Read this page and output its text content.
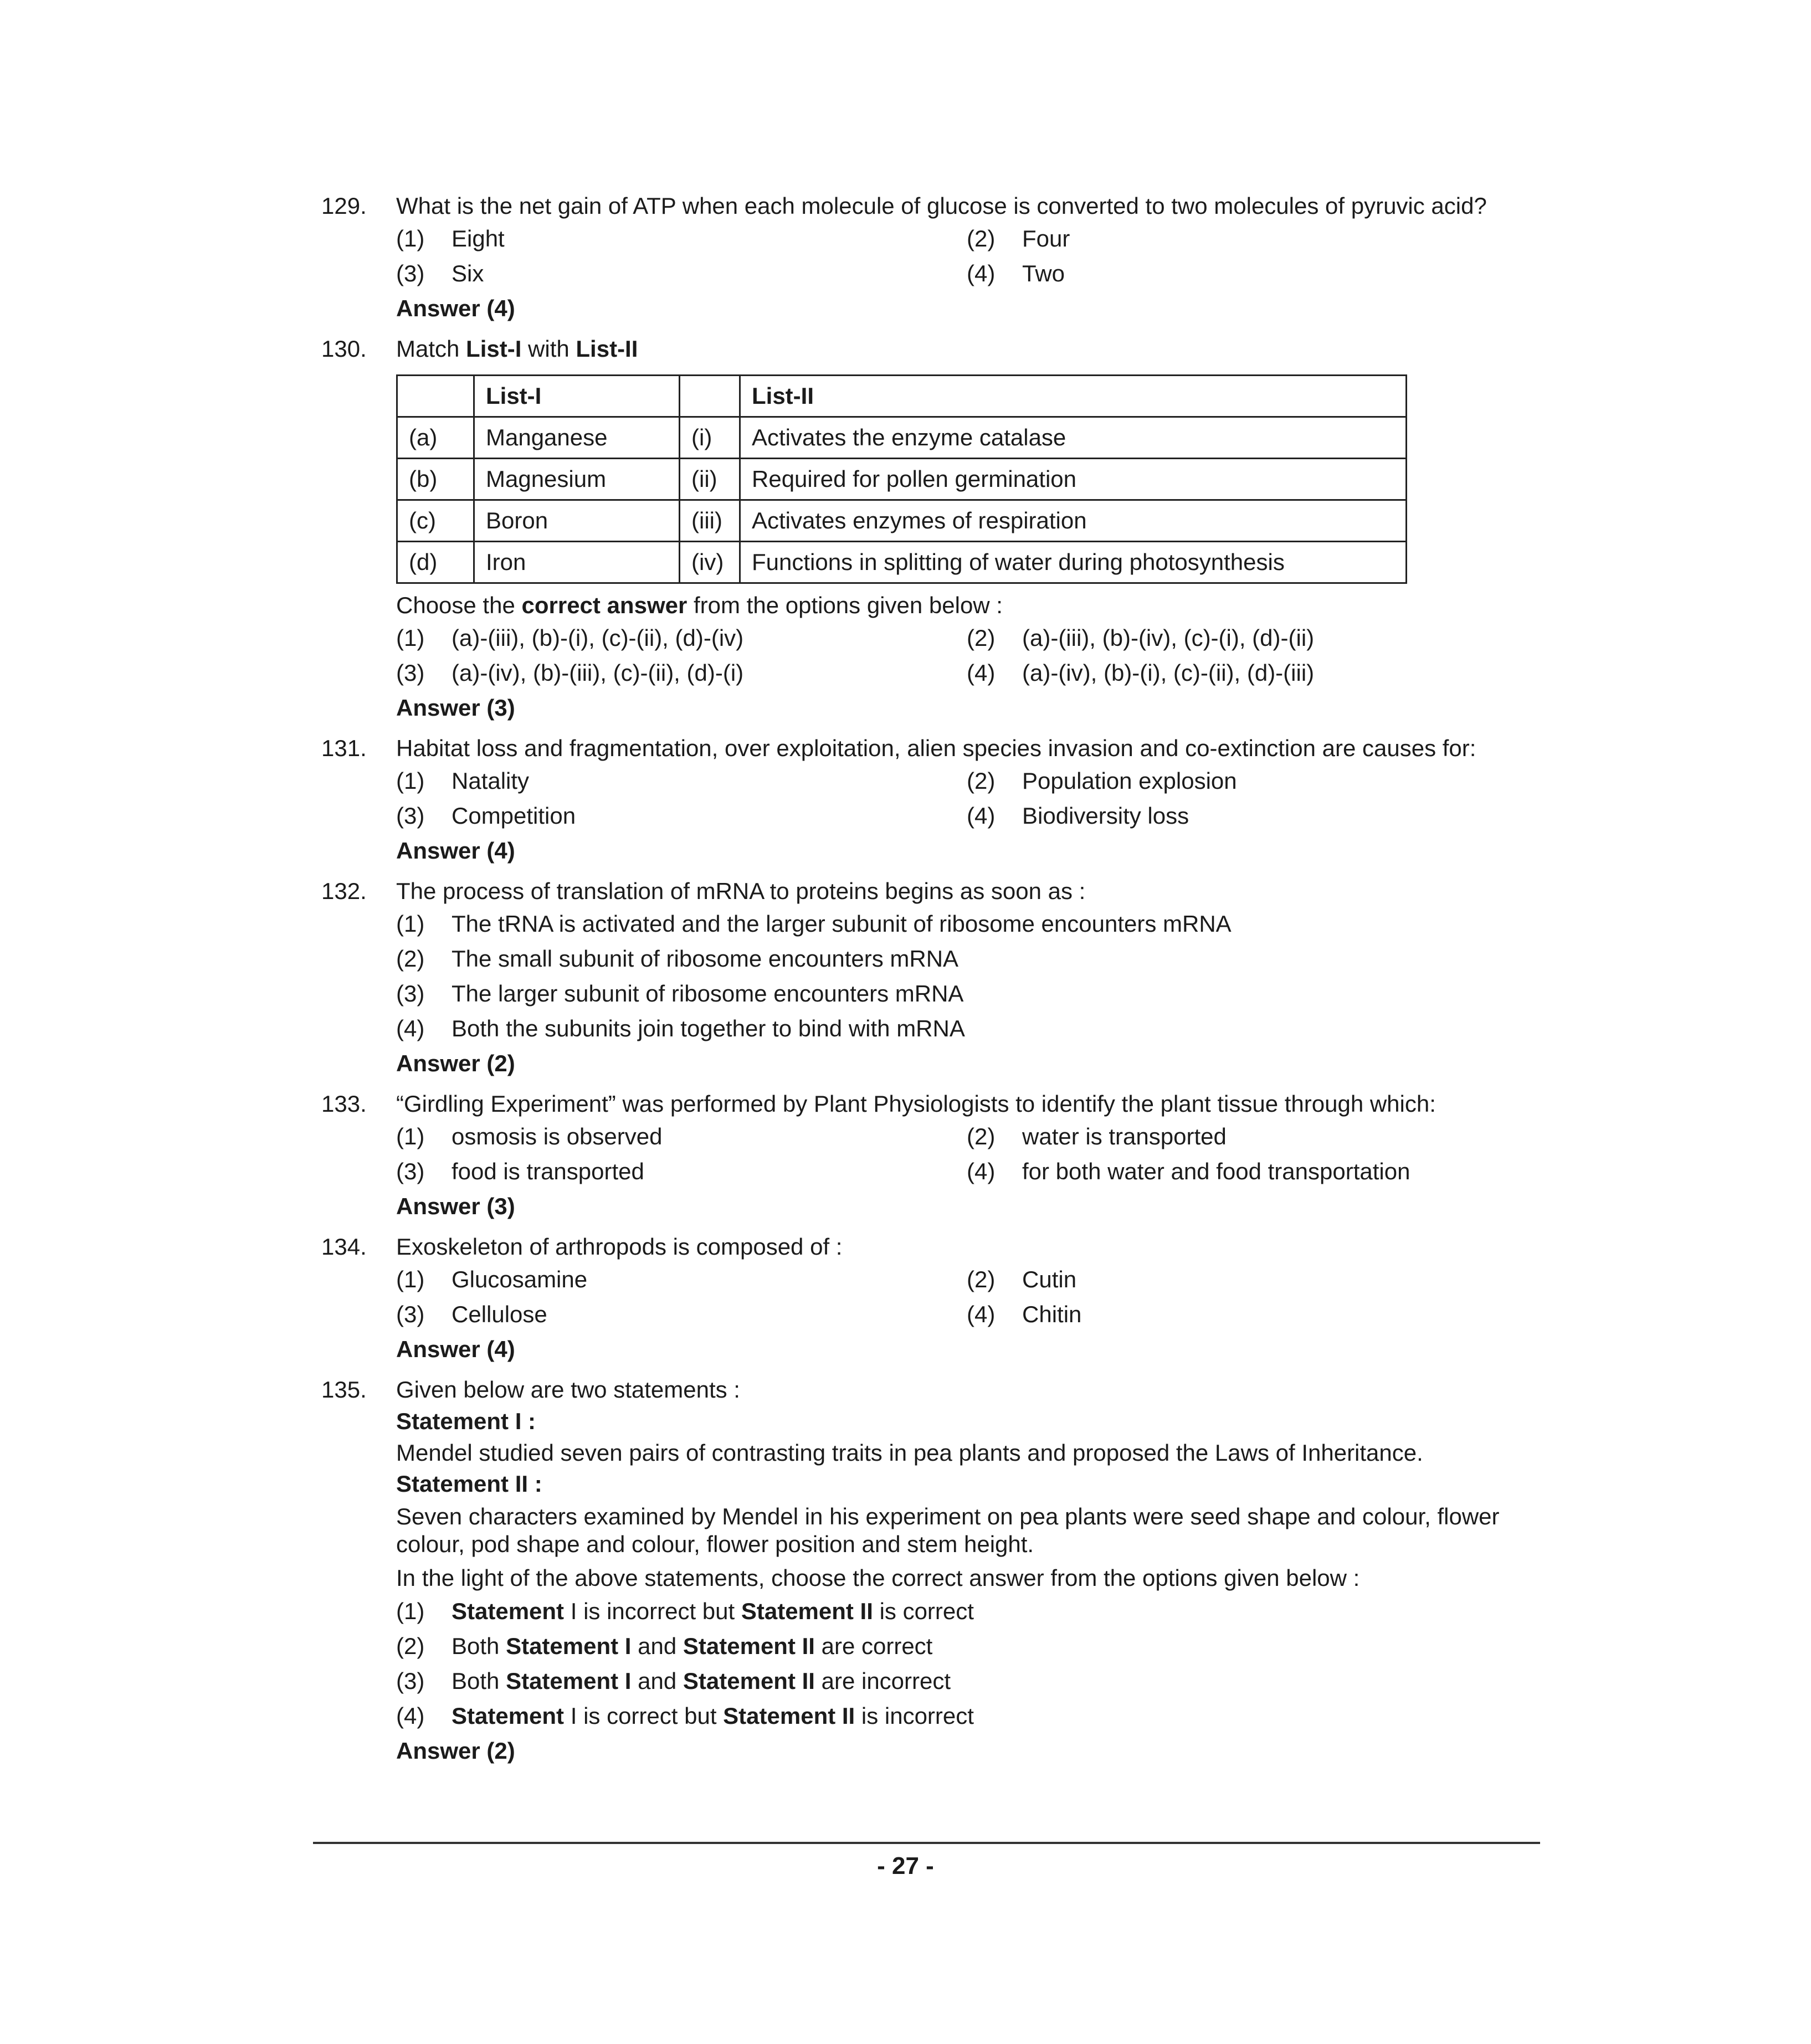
129. What is the net gain of ATP when each molecule of glucose is converted to two molecules of pyruvic acid?
(1)	Eight	(2)	Four
(3)	Six	(4)	Two
Answer (4)
130. Match List-I with List-II
	List-I		List-II
(a)	Manganese	(i)	Activates the enzyme catalase
(b)	Magnesium	(ii)	Required for pollen germination
(c)	Boron	(iii)	Activates enzymes of respiration
(d)	Iron	(iv)	Functions in splitting of water during photosynthesis
Choose the correct answer from the options given below :
(1)	(a)-(iii), (b)-(i), (c)-(ii), (d)-(iv)	(2)	(a)-(iii), (b)-(iv), (c)-(i), (d)-(ii)
(3)	(a)-(iv), (b)-(iii), (c)-(ii), (d)-(i)	(4)	(a)-(iv), (b)-(i), (c)-(ii), (d)-(iii)
Answer (3)
131. Habitat loss and fragmentation, over exploitation, alien species invasion and co-extinction are causes for:
(1)	Natality	(2)	Population explosion
(3)	Competition	(4)	Biodiversity loss
Answer (4)
132. The process of translation of mRNA to proteins begins as soon as :
(1)	The tRNA is activated and the larger subunit of ribosome encounters mRNA
(2)	The small subunit of ribosome encounters mRNA
(3)	The larger subunit of ribosome encounters mRNA
(4)	Both the subunits join together to bind with mRNA
Answer (2)
133. “Girdling Experiment” was performed by Plant Physiologists to identify the plant tissue through which:
(1)	osmosis is observed	(2)	water is transported
(3)	food is transported	(4)	for both water and food transportation
Answer (3)
134. Exoskeleton of arthropods is composed of :
(1)	Glucosamine	(2)	Cutin
(3)	Cellulose	(4)	Chitin
Answer (4)
135. Given below are two statements :
Statement I :
Mendel studied seven pairs of contrasting traits in pea plants and proposed the Laws of Inheritance.
Statement II :
Seven characters examined by Mendel in his experiment on pea plants were seed shape and colour, flower colour, pod shape and colour, flower position and stem height.
In the light of the above statements, choose the correct answer from the options given below :
(1)	Statement I is incorrect but Statement II is correct
(2)	Both Statement I and Statement II are correct
(3)	Both Statement I and Statement II are incorrect
(4)	Statement I is correct but Statement II is incorrect
Answer (2)
- 27 -
